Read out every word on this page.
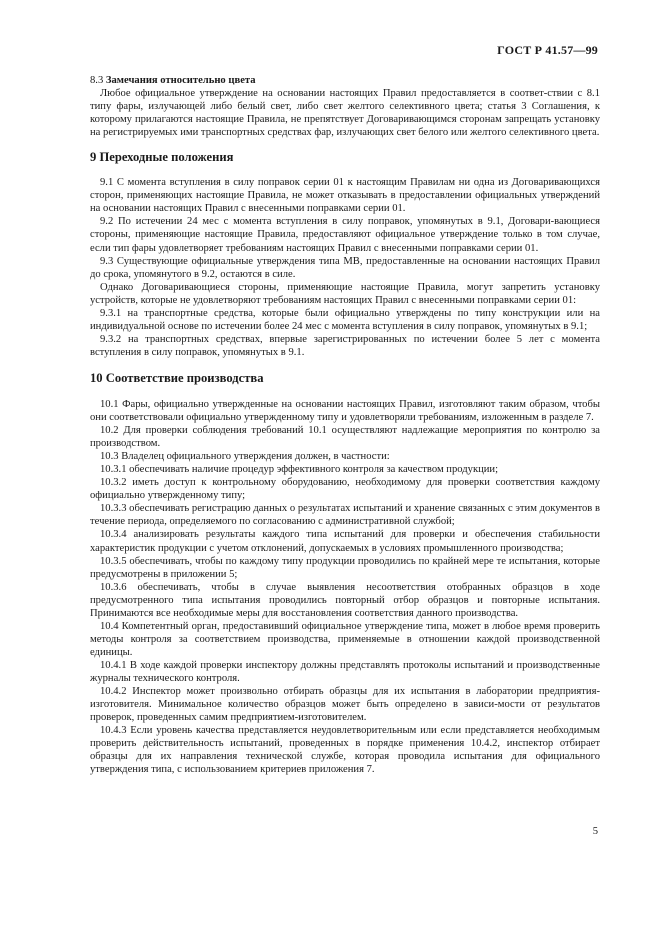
ГОСТ Р 41.57—99
8.3 Замечания относительно цвета

Любое официальное утверждение на основании настоящих Правил предоставляется в соответ-ствии с 8.1 типу фары, излучающей либо белый свет, либо свет желтого селективного цвета; статья 3 Соглашения, к которому прилагаются настоящие Правила, не препятствует Договаривающимся сторонам запрещать установку на регистрируемых ими транспортных средствах фар, излучающих свет белого или желтого селективного цвета.

9 Переходные положения

9.1 С момента вступления в силу поправок серии 01 к настоящим Правилам ни одна из Договаривающихся сторон, применяющих настоящие Правила, не может отказывать в предоставлении официальных утверждений на основании настоящих Правил с внесенными поправками серии 01.

9.2 По истечении 24 мес с момента вступления в силу поправок, упомянутых в 9.1, Договари-вающиеся стороны, применяющие настоящие Правила, предоставляют официальное утверждение только в том случае, если тип фары удовлетворяет требованиям настоящих Правил с внесенными поправками серии 01.

9.3 Существующие официальные утверждения типа МВ, предоставленные на основании настоящих Правил до срока, упомянутого в 9.2, остаются в силе.

Однако Договаривающиеся стороны, применяющие настоящие Правила, могут запретить установку устройств, которые не удовлетворяют требованиям настоящих Правил с внесенными поправками серии 01:

9.3.1 на транспортные средства, которые были официально утверждены по типу конструкции или на индивидуальной основе по истечении более 24 мес с момента вступления в силу поправок, упомянутых в 9.1;

9.3.2 на транспортных средствах, впервые зарегистрированных по истечении более 5 лет с момента вступления в силу поправок, упомянутых в 9.1.

10 Соответствие производства

10.1 Фары, официально утвержденные на основании настоящих Правил, изготовляют таким образом, чтобы они соответствовали официально утвержденному типу и удовлетворяли требованиям, изложенным в разделе 7.

10.2 Для проверки соблюдения требований 10.1 осуществляют надлежащие мероприятия по контролю за производством.

10.3 Владелец официального утверждения должен, в частности:

10.3.1 обеспечивать наличие процедур эффективного контроля за качеством продукции;

10.3.2 иметь доступ к контрольному оборудованию, необходимому для проверки соответствия каждому официально утвержденному типу;

10.3.3 обеспечивать регистрацию данных о результатах испытаний и хранение связанных с этим документов в течение периода, определяемого по согласованию с административной службой;

10.3.4 анализировать результаты каждого типа испытаний для проверки и обеспечения стабильности характеристик продукции с учетом отклонений, допускаемых в условиях промышленного производства;

10.3.5 обеспечивать, чтобы по каждому типу продукции проводились по крайней мере те испытания, которые предусмотрены в приложении 5;

10.3.6 обеспечивать, чтобы в случае выявления несоответствия отобранных образцов в ходе предусмотренного типа испытания проводились повторный отбор образцов и повторные испытания. Принимаются все необходимые меры для восстановления соответствия данного производства.

10.4 Компетентный орган, предоставивший официальное утверждение типа, может в любое время проверить методы контроля за соответствием производства, применяемые в отношении каждой производственной единицы.

10.4.1 В ходе каждой проверки инспектору должны представлять протоколы испытаний и производственные журналы технического контроля.

10.4.2 Инспектор может произвольно отбирать образцы для их испытания в лаборатории предприятия-изготовителя. Минимальное количество образцов может быть определено в зависи-мости от результатов проверок, проведенных самим предприятием-изготовителем.

10.4.3 Если уровень качества представляется неудовлетворительным или если представляется необходимым проверить действительность испытаний, проведенных в порядке применения 10.4.2, инспектор отбирает образцы для их направления технической службе, которая проводила испытания для официального утверждения типа, с использованием критериев приложения 7.

5
